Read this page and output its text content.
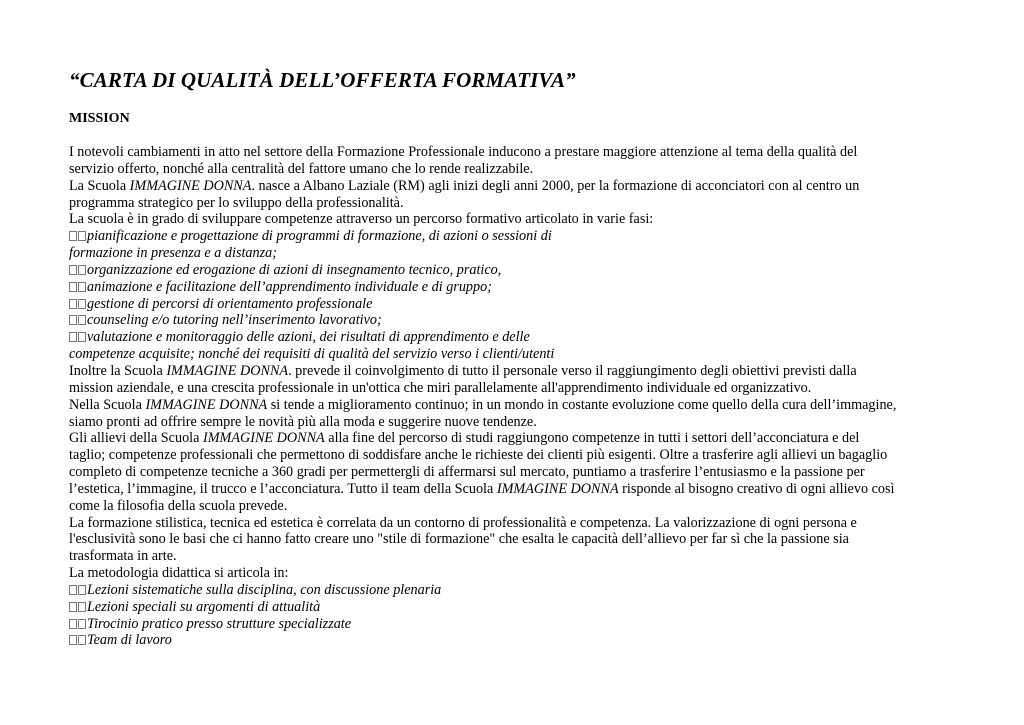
“CARTA DI QUALITÀ DELL’OFFERTA FORMATIVA”
MISSION
I notevoli cambiamenti in atto nel settore della Formazione Professionale inducono a prestare maggiore attenzione al tema della qualità del
servizio offerto, nonché alla centralità del fattore umano che lo rende realizzabile.
La Scuola IMMAGINE DONNA. nasce a Albano Laziale (RM) agli inizi degli anni 2000, per la formazione di acconciatori con al centro un
programma strategico per lo sviluppo della professionalità.
La scuola è in grado di sviluppare competenze attraverso un percorso formativo articolato in varie fasi:
pianificazione e progettazione di programmi di formazione, di azioni o sessioni di
formazione in presenza e a distanza;
organizzazione ed erogazione di azioni di insegnamento tecnico, pratico,
animazione e facilitazione dell’apprendimento individuale e di gruppo;
gestione di percorsi di orientamento professionale
counseling e/o tutoring nell’inserimento lavorativo;
valutazione e monitoraggio delle azioni, dei risultati di apprendimento e delle
competenze acquisite; nonché dei requisiti di qualità del servizio verso i clienti/utenti
Inoltre la Scuola IMMAGINE DONNA. prevede il coinvolgimento di tutto il personale verso il raggiungimento degli obiettivi previsti dalla
mission aziendale, e una crescita professionale in un'ottica che miri parallelamente all'apprendimento individuale ed organizzativo.
Nella Scuola IMMAGINE DONNA si tende a miglioramento continuo; in un mondo in costante evoluzione come quello della cura dell’immagine,
siamo pronti ad offrire sempre le novità più alla moda e suggerire nuove tendenze.
Gli allievi della Scuola IMMAGINE DONNA alla fine del percorso di studi raggiungono competenze in tutti i settori dell’acconciatura e del
taglio; competenze professionali che permettono di soddisfare anche le richieste dei clienti più esigenti. Oltre a trasferire agli allievi un bagaglio
completo di competenze tecniche a 360 gradi per permettergli di affermarsi sul mercato, puntiamo a trasferire l’entusiasmo e la passione per
l’estetica, l’immagine, il trucco e l’acconciatura. Tutto il team della Scuola IMMAGINE DONNA risponde al bisogno creativo di ogni allievo così
come la filosofia della scuola prevede.
La formazione stilistica, tecnica ed estetica è correlata da un contorno di professionalità e competenza. La valorizzazione di ogni persona e
l'esclusività sono le basi che ci hanno fatto creare uno "stile di formazione" che esalta le capacità dell’allievo per far sì che la passione sia
trasformata in arte.
La metodologia didattica si articola in:
Lezioni sistematiche sulla disciplina, con discussione plenaria
Lezioni speciali su argomenti di attualità
Tirocinio pratico presso strutture specializzate
Team di lavoro
